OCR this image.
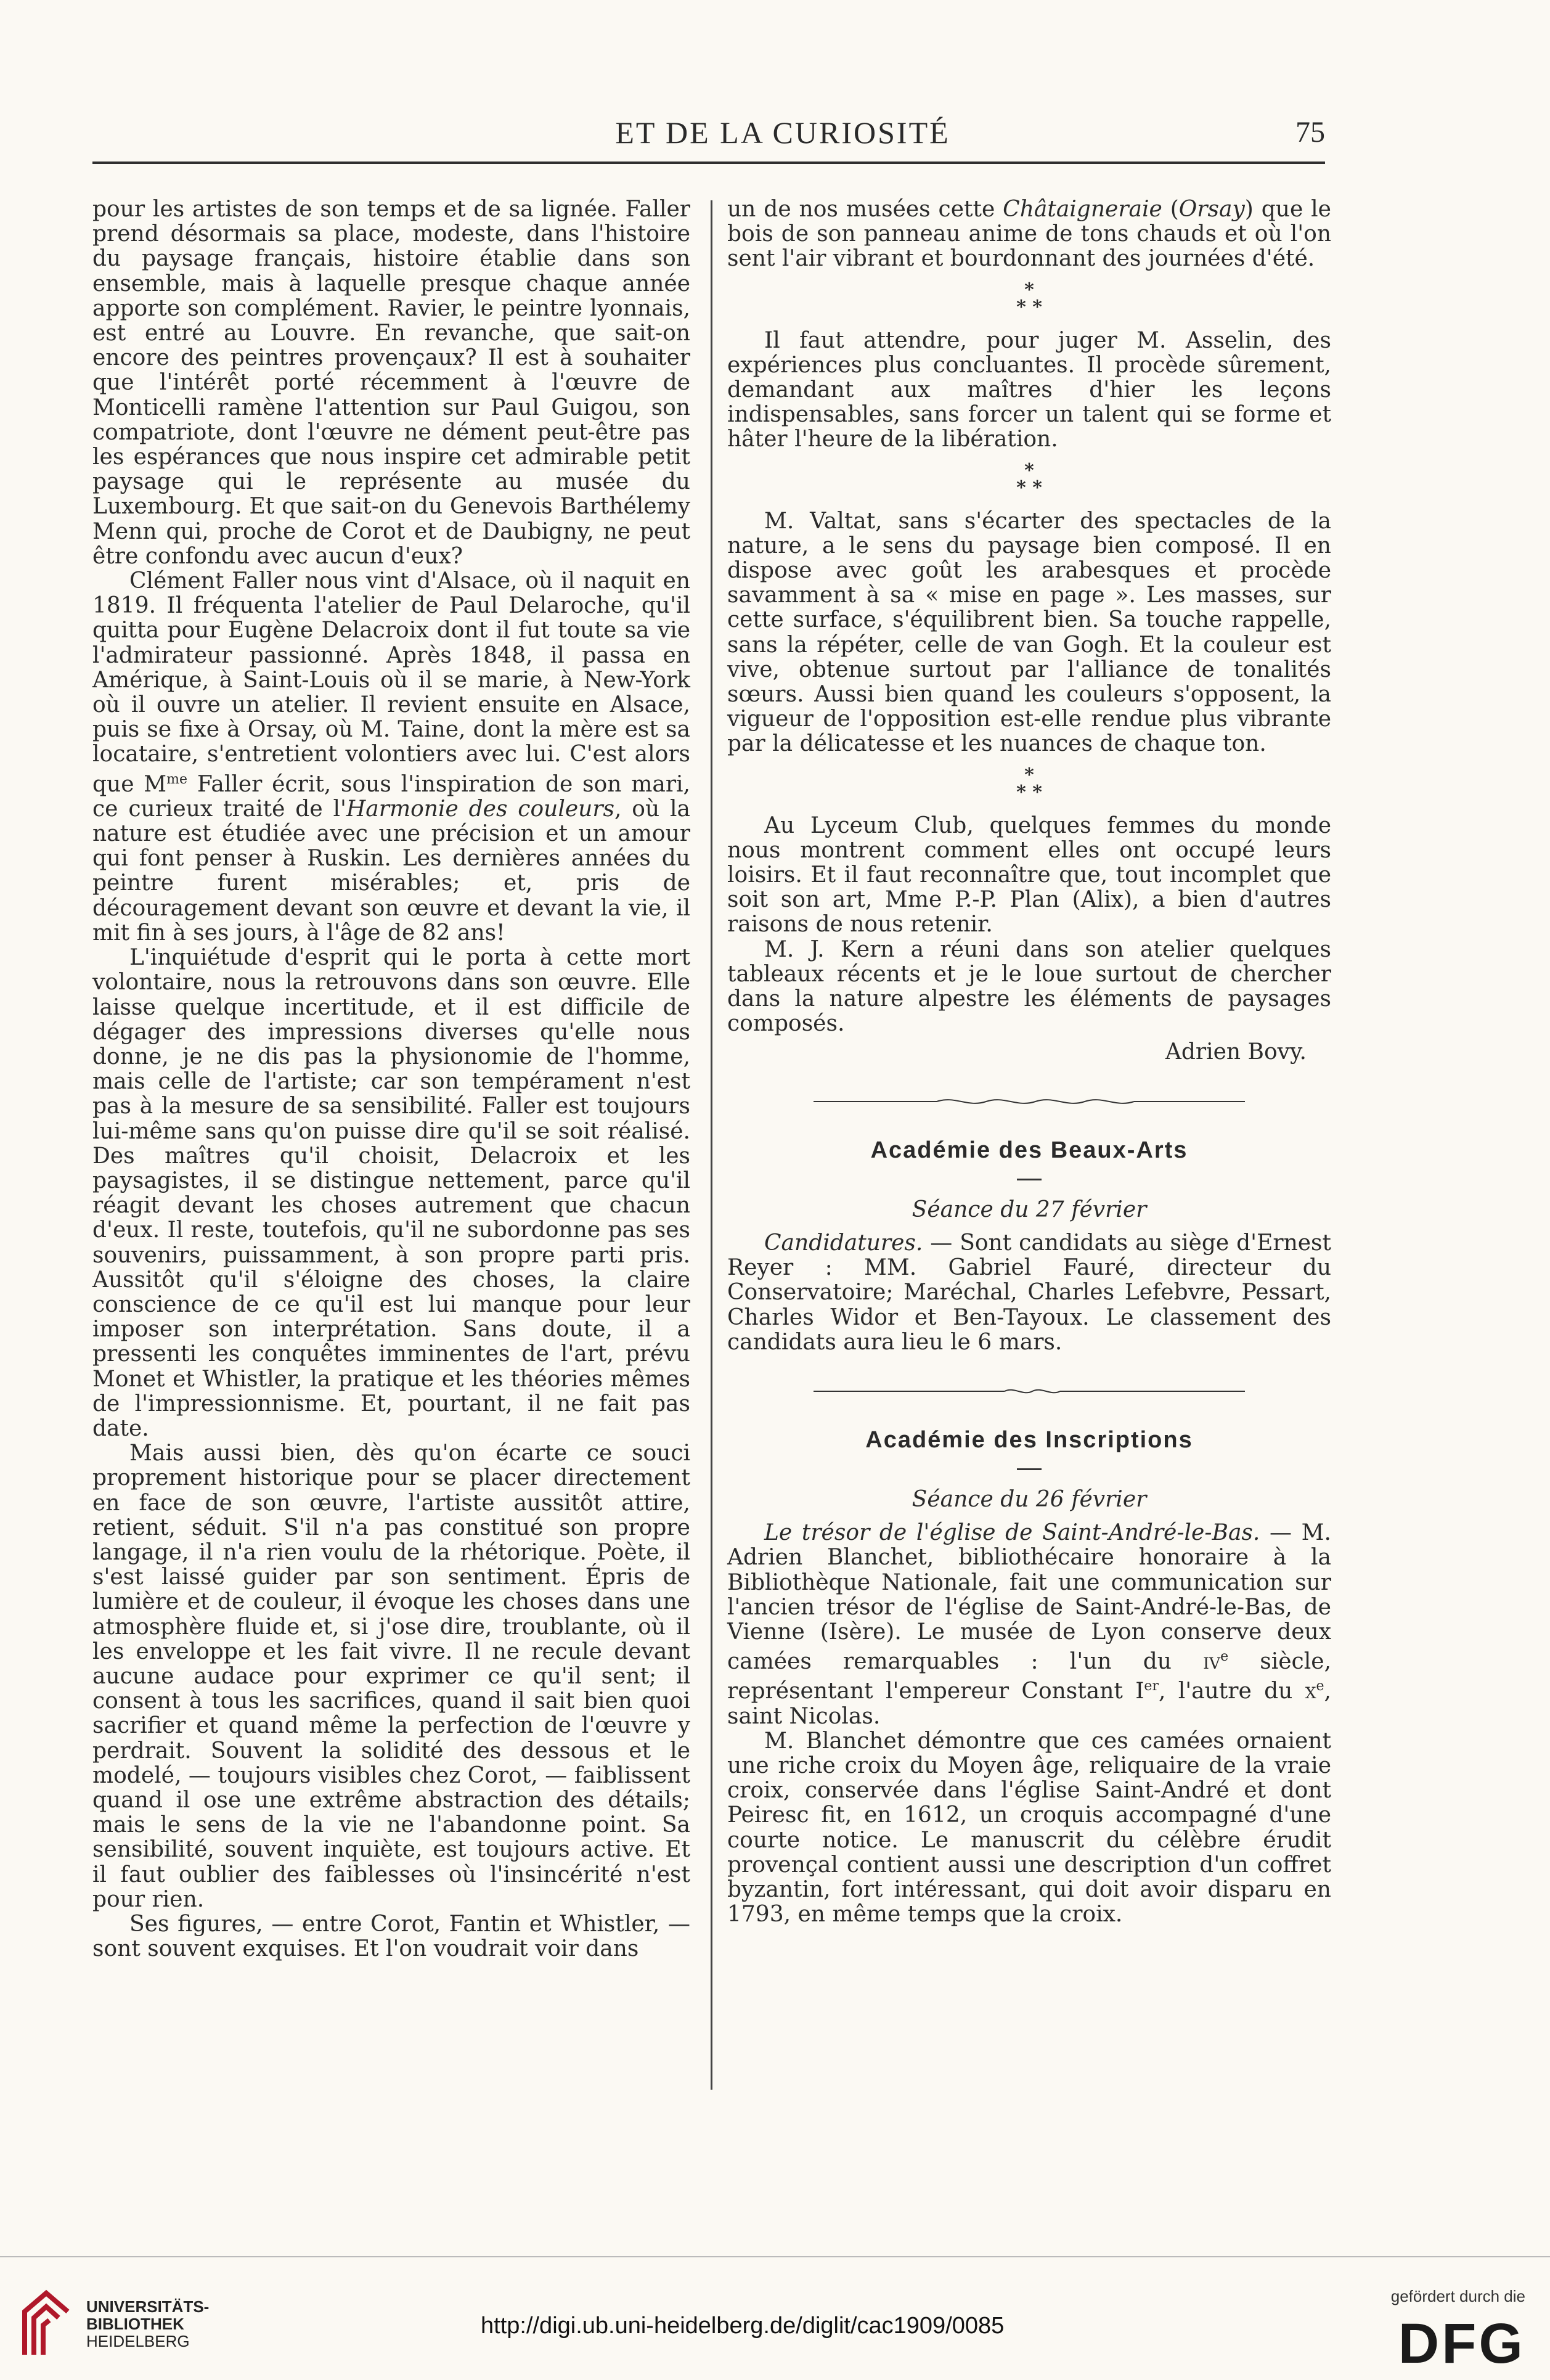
ET DE LA CURIOSITÉ	75

pour les artistes de son temps et de sa lignée. Faller prend désormais sa place, modeste, dans l'histoire du paysage français, histoire établie dans son ensemble, mais à laquelle presque chaque année apporte son complément. Ravier, le peintre lyonnais, est entré au Louvre. En revanche, que sait-on encore des peintres provençaux? Il est à souhaiter que l'intérêt porté récemment à l'œuvre de Monticelli ramène l'attention sur Paul Guigou, son compatriote, dont l'œuvre ne dément peut-être pas les espérances que nous inspire cet admirable petit paysage qui le représente au musée du Luxembourg. Et que sait-on du Genevois Barthélemy Menn qui, proche de Corot et de Daubigny, ne peut être confondu avec aucun d'eux?

Clément Faller nous vint d'Alsace, où il naquit en 1819. Il fréquenta l'atelier de Paul Delaroche, qu'il quitta pour Eugène Delacroix dont il fut toute sa vie l'admirateur passionné. Après 1848, il passa en Amérique, à Saint-Louis où il se marie, à New-York où il ouvre un atelier. Il revient ensuite en Alsace, puis se fixe à Orsay, où M. Taine, dont la mère est sa locataire, s'entretient volontiers avec lui. C'est alors que $M^{me}$ Faller écrit, sous l'inspiration de son mari, ce curieux traité de l'Harmonie des couleurs, où la nature est étudiée avec une précision et un amour qui font penser à Ruskin. Les dernières années du peintre furent misérables; et, pris de découragement devant son œuvre et devant la vie, il mit fin à ses jours, à l'âge de 82 ans!

L'inquiétude d'esprit qui le porta à cette mort volontaire, nous la retrouvons dans son œuvre. Elle laisse quelque incertitude, et il est difficile de dégager des impressions diverses qu'elle nous donne, je ne dis pas la physionomie de l'homme, mais celle de l'artiste; car son tempérament n'est pas à la mesure de sa sensibilité. Faller est toujours lui-même sans qu'on puisse dire qu'il se soit réalisé. Des maîtres qu'il choisit, Delacroix et les paysagistes, il se distingue nettement, parce qu'il réagit devant les choses autrement que chacun d'eux. Il reste, toutefois, qu'il ne subordonne pas ses souvenirs, puissamment, à son propre parti pris. Aussitôt qu'il s'éloigne des choses, la claire conscience de ce qu'il est lui manque pour leur imposer son interprétation. Sans doute, il a pressenti les conquêtes imminentes de l'art, prévu Monet et Whistler, la pratique et les théories mêmes de l'impressionnisme. Et, pourtant, il ne fait pas date.

Mais aussi bien, dès qu'on écarte ce souci proprement historique pour se placer directement en face de son œuvre, l'artiste aussitôt attire, retient, séduit. S'il n'a pas constitué son propre langage, il n'a rien voulu de la rhétorique. Poète, il s'est laissé guider par son sentiment. Épris de lumière et de couleur, il évoque les choses dans une atmosphère fluide et, si j'ose dire, troublante, où il les enveloppe et les fait vivre. Il ne recule devant aucune audace pour exprimer ce qu'il sent; il consent à tous les sacrifices, quand il sait bien quoi sacrifier et quand même la perfection de l'œuvre y perdrait. Souvent la solidité des dessous et le modelé, — toujours visibles chez Corot, — faiblissent quand il ose une extrême abstraction des détails; mais le sens de la vie ne l'abandonne point. Sa sensibilité, souvent inquiète, est toujours active. Et il faut oublier des faiblesses où l'insincérité n'est pour rien.

Ses figures, — entre Corot, Fantin et Whistler, — sont souvent exquises. Et l'on voudrait voir dans

un de nos musées cette Châtaigneraie (Orsay) que le bois de son panneau anime de tons chauds et où l'on sent l'air vibrant et bourdonnant des journées d'été.

*
* *

Il faut attendre, pour juger M. Asselin, des expériences plus concluantes. Il procède sûrement, demandant aux maîtres d'hier les leçons indispensables, sans forcer un talent qui se forme et hâter l'heure de la libération.

*
* *

M. Valtat, sans s'écarter des spectacles de la nature, a le sens du paysage bien composé. Il en dispose avec goût les arabesques et procède savamment à sa « mise en page ». Les masses, sur cette surface, s'équilibrent bien. Sa touche rappelle, sans la répéter, celle de van Gogh. Et la couleur est vive, obtenue surtout par l'alliance de tonalités sœurs. Aussi bien quand les couleurs s'opposent, la vigueur de l'opposition est-elle rendue plus vibrante par la délicatesse et les nuances de chaque ton.

*
* *

Au Lyceum Club, quelques femmes du monde nous montrent comment elles ont occupé leurs loisirs. Et il faut reconnaître que, tout incomplet que soit son art, Mme P.-P. Plan (Alix), a bien d'autres raisons de nous retenir.

M. J. Kern a réuni dans son atelier quelques tableaux récents et je le loue surtout de chercher dans la nature alpestre les éléments de paysages composés.

Adrien Bovy.
Académie des Beaux-Arts
Séance du 27 février

Candidatures. — Sont candidats au siège d'Ernest Reyer : MM. Gabriel Fauré, directeur du Conservatoire; Maréchal, Charles Lefebvre, Pessart, Charles Widor et Ben-Tayoux. Le classement des candidats aura lieu le 6 mars.

Académie des Inscriptions
Séance du 26 février

Le trésor de l'église de Saint-André-le-Bas. — M. Adrien Blanchet, bibliothécaire honoraire à la Bibliothèque Nationale, fait une communication sur l'ancien trésor de l'église de Saint-André-le-Bas, de Vienne (Isère). Le musée de Lyon conserve deux camées remarquables : l'un du $iv^e$ siècle, représentant l'empereur Constant Ier, l'autre du $x^e$, saint Nicolas.

M. Blanchet démontre que ces camées ornaient une riche croix du Moyen âge, reliquaire de la vraie croix, conservée dans l'église Saint-André et dont Peiresc fit, en 1612, un croquis accompagné d'une courte notice. Le manuscrit du célèbre érudit provençal contient aussi une description d'un coffret byzantin, fort intéressant, qui doit avoir disparu en 1793, en même temps que la croix.

UNIVERSITÄTS-
BIBLIOTHEK
HEIDELBERG
http://digi.ub.uni-heidelberg.de/diglit/cac1909/0085
gefördert durch die
DFG
